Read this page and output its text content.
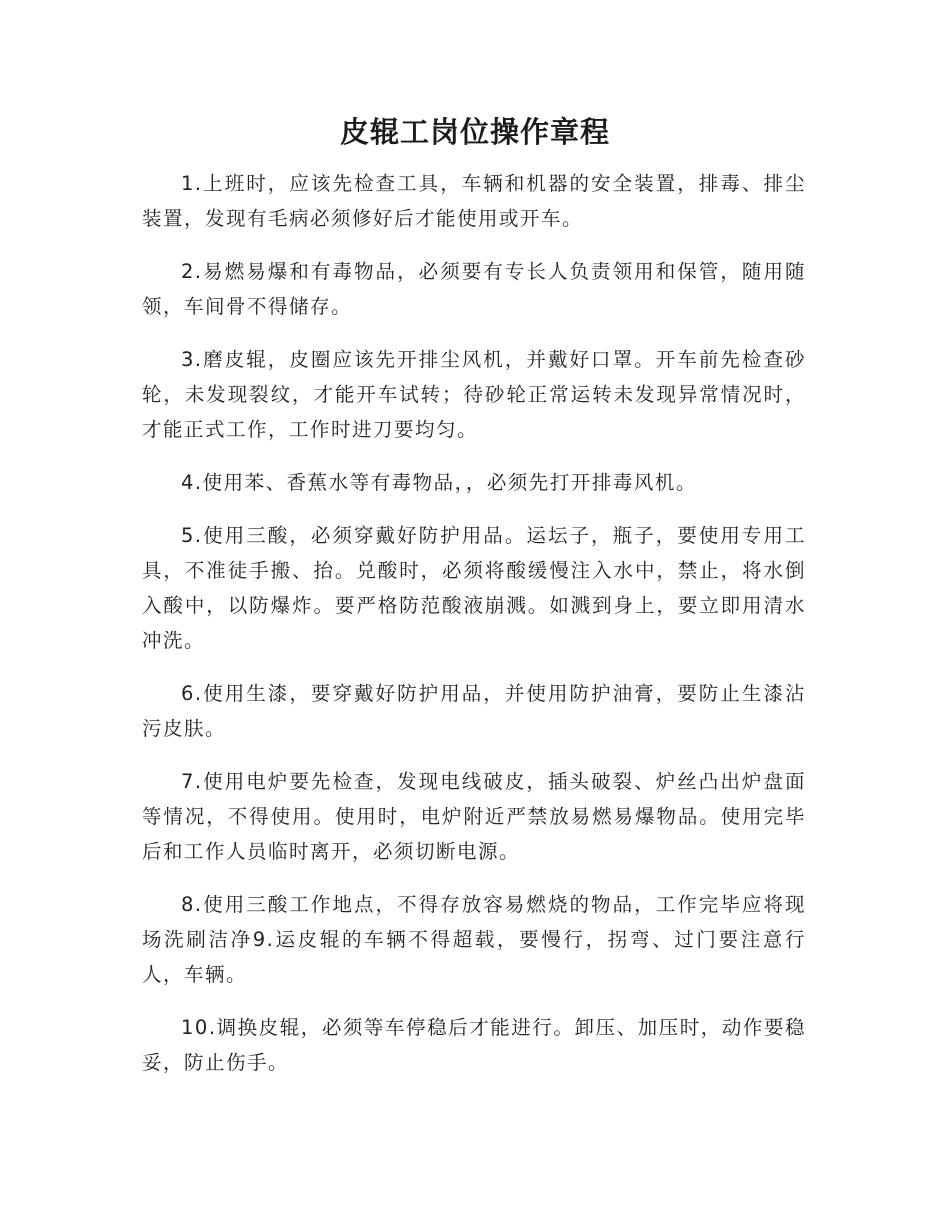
皮辊工岗位操作章程

1.上班时，应该先检查工具，车辆和机器的安全装置，排毒、排尘装置，发现有毛病必须修好后才能使用或开车。

2.易燃易爆和有毒物品，必须要有专长人负责领用和保管，随用随领，车间骨不得储存。

3.磨皮辊，皮圈应该先开排尘风机，并戴好口罩。开车前先检查砂轮，未发现裂纹，才能开车试转；待砂轮正常运转未发现异常情况时，才能正式工作，工作时进刀要均匀。

4.使用苯、香蕉水等有毒物品，，必须先打开排毒风机。

5.使用三酸，必须穿戴好防护用品。运坛子，瓶子，要使用专用工具，不准徒手搬、抬。兑酸时，必须将酸缓慢注入水中，禁止，将水倒入酸中，以防爆炸。要严格防范酸液崩溅。如溅到身上，要立即用清水冲洗。

6.使用生漆，要穿戴好防护用品，并使用防护油膏，要防止生漆沾污皮肤。

7.使用电炉要先检查，发现电线破皮，插头破裂、炉丝凸出炉盘面等情况，不得使用。使用时，电炉附近严禁放易燃易爆物品。使用完毕后和工作人员临时离开，必须切断电源。

8.使用三酸工作地点，不得存放容易燃烧的物品，工作完毕应将现场洗刷洁净9.运皮辊的车辆不得超载，要慢行，拐弯、过门要注意行人，车辆。

10.调换皮辊，必须等车停稳后才能进行。卸压、加压时，动作要稳妥，防止伤手。
